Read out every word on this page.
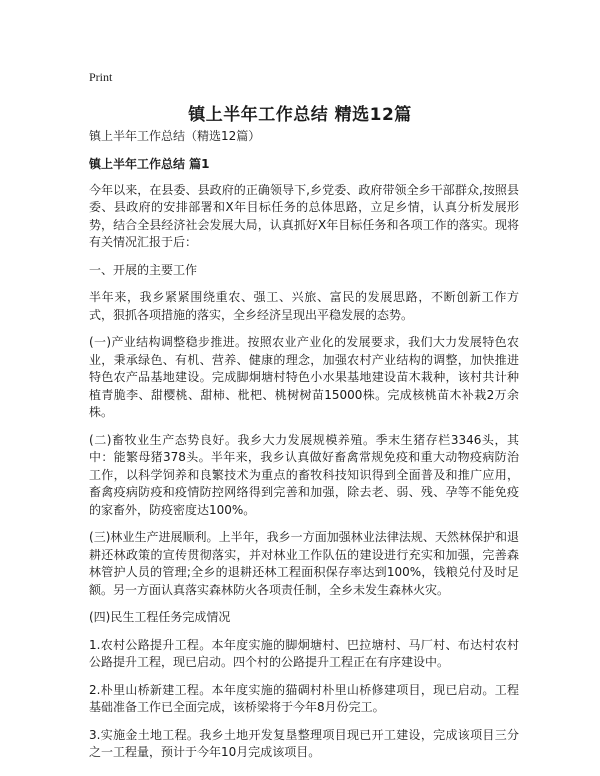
Print
镇上半年工作总结 精选12篇

镇上半年工作总结（精选12篇）

镇上半年工作总结 篇1

今年以来，在县委、县政府的正确领导下,乡党委、政府带领全乡干部群众,按照县委、县政府的安排部署和X年目标任务的总体思路，立足乡情，认真分析发展形势，结合全县经济社会发展大局，认真抓好X年目标任务和各项工作的落实。现将有关情况汇报于后：

一、开展的主要工作

半年来，我乡紧紧围绕重农、强工、兴旅、富民的发展思路，不断创新工作方式，狠抓各项措施的落实，全乡经济呈现出平稳发展的态势。

(一)产业结构调整稳步推进。按照农业产业化的发展要求，我们大力发展特色农业，秉承绿色、有机、营养、健康的理念，加强农村产业结构的调整，加快推进特色农产品基地建设。完成脚炯塘村特色小水果基地建设苗木栽种，该村共计种植青脆李、甜樱桃、甜柿、枇杷、桃树树苗15000株。完成核桃苗木补栽2万余株。

(二)畜牧业生产态势良好。我乡大力发展规模养殖。季末生猪存栏3346头，其中：能繁母猪378头。半年来，我乡认真做好畜禽常规免疫和重大动物疫病防治工作，以科学饲养和良繁技术为重点的畜牧科技知识得到全面普及和推广应用，畜禽疫病防疫和疫情防控网络得到完善和加强，除去老、弱、残、孕等不能免疫的家畜外，防疫密度达100%。

(三)林业生产进展顺利。上半年，我乡一方面加强林业法律法规、天然林保护和退耕还林政策的宣传贯彻落实，并对林业工作队伍的建设进行充实和加强，完善森林管护人员的管理;全乡的退耕还林工程面积保存率达到100%，钱粮兑付及时足额。另一方面认真落实森林防火各项责任制，全乡未发生森林火灾。

(四)民生工程任务完成情况

1.农村公路提升工程。本年度实施的脚炯塘村、巴拉塘村、马厂村、布达村农村公路提升工程，现已启动。四个村的公路提升工程正在有序建设中。

2.朴里山桥新建工程。本年度实施的猫碉村朴里山桥修建项目，现已启动。工程基础准备工作已全面完成，该桥梁将于今年8月份完工。

3.实施金土地工程。我乡土地开发复垦整理项目现已开工建设，完成该项目三分之一工程量，预计于今年10月完成该项目。
